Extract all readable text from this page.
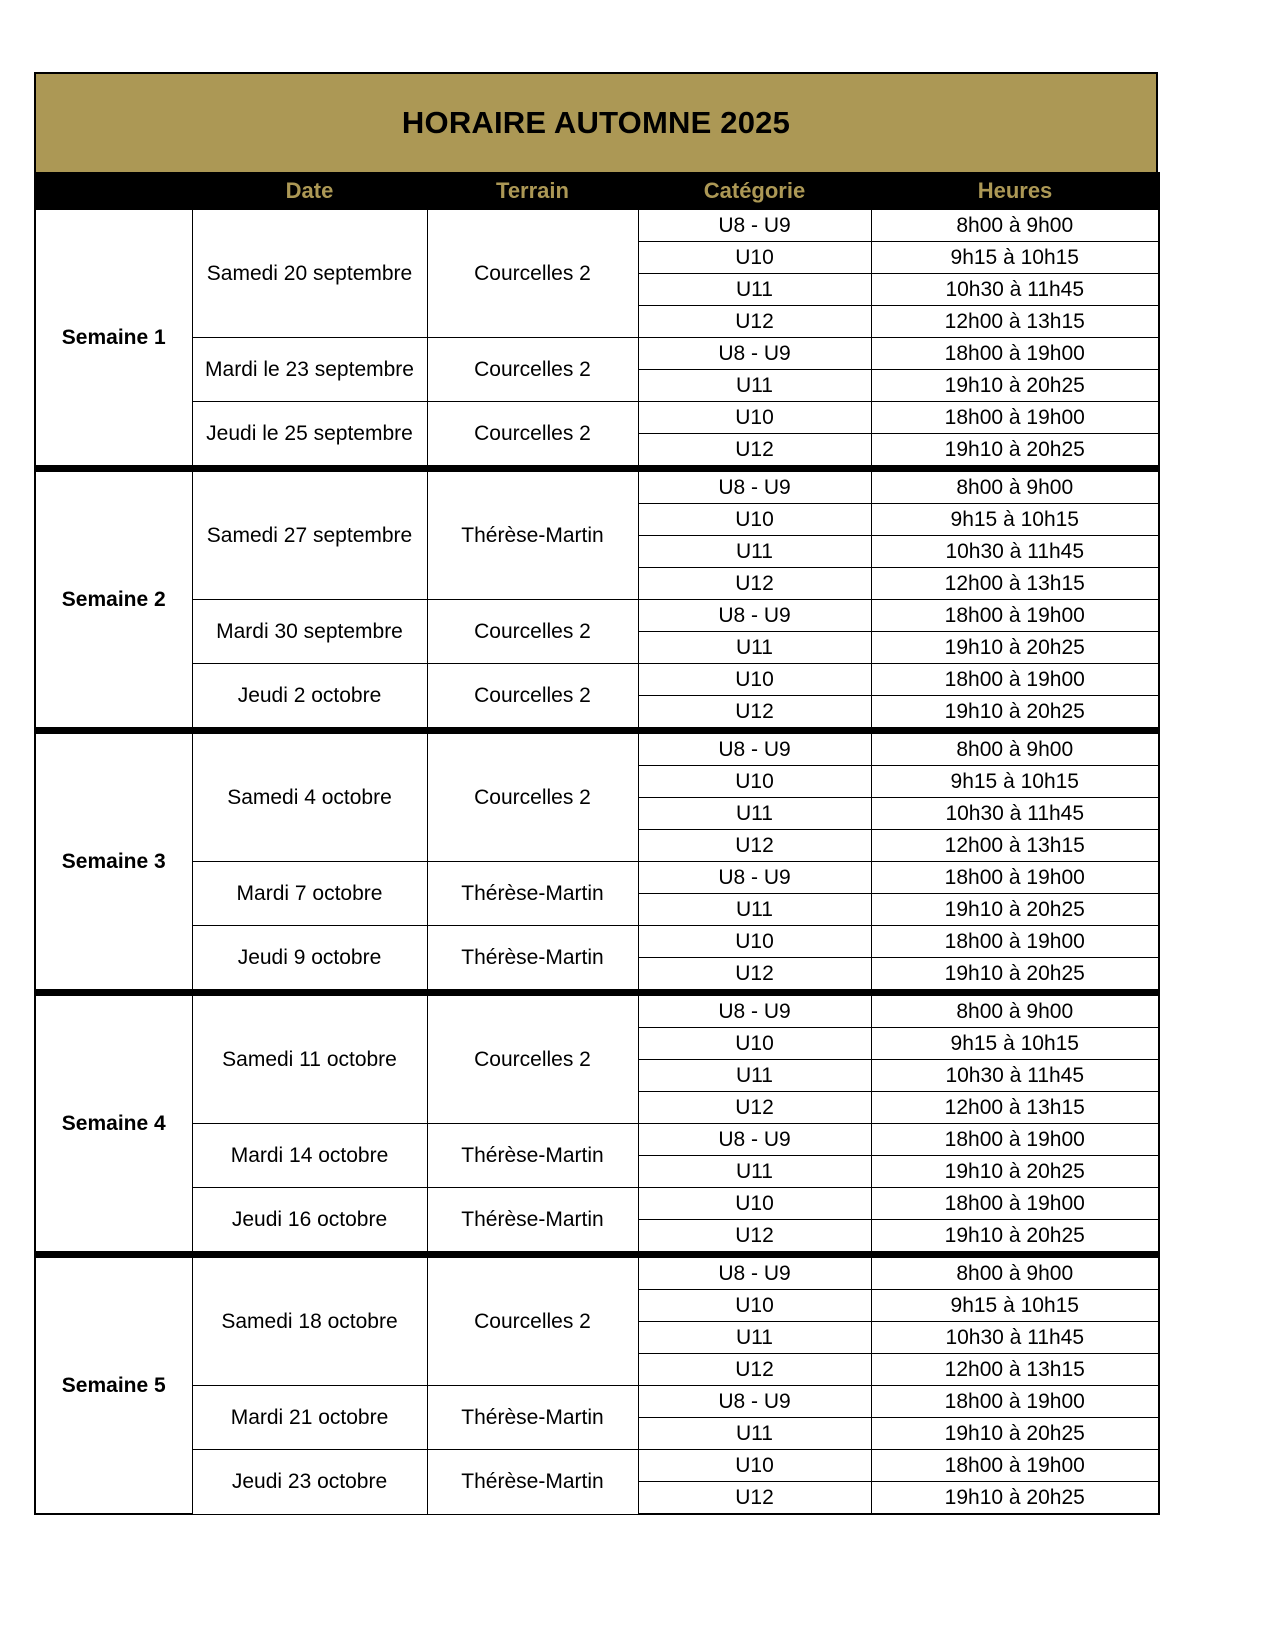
HORAIRE AUTOMNE 2025
	Date	Terrain	Catégorie	Heures
Semaine 1	Samedi 20 septembre	Courcelles 2	U8 - U9	8h00 à 9h00
			U10	9h15 à 10h15
			U11	10h30 à 11h45
			U12	12h00 à 13h15
	Mardi le 23 septembre	Courcelles 2	U8 - U9	18h00 à 19h00
			U11	19h10 à 20h25
	Jeudi le 25 septembre	Courcelles 2	U10	18h00 à 19h00
			U12	19h10 à 20h25
Semaine 2	Samedi 27 septembre	Thérèse-Martin	U8 - U9	8h00 à 9h00
			U10	9h15 à 10h15
			U11	10h30 à 11h45
			U12	12h00 à 13h15
	Mardi 30 septembre	Courcelles 2	U8 - U9	18h00 à 19h00
			U11	19h10 à 20h25
	Jeudi 2 octobre	Courcelles 2	U10	18h00 à 19h00
			U12	19h10 à 20h25
Semaine 3	Samedi 4 octobre	Courcelles 2	U8 - U9	8h00 à 9h00
			U10	9h15 à 10h15
			U11	10h30 à 11h45
			U12	12h00 à 13h15
	Mardi 7 octobre	Thérèse-Martin	U8 - U9	18h00 à 19h00
			U11	19h10 à 20h25
	Jeudi 9 octobre	Thérèse-Martin	U10	18h00 à 19h00
			U12	19h10 à 20h25
Semaine 4	Samedi 11 octobre	Courcelles 2	U8 - U9	8h00 à 9h00
			U10	9h15 à 10h15
			U11	10h30 à 11h45
			U12	12h00 à 13h15
	Mardi 14 octobre	Thérèse-Martin	U8 - U9	18h00 à 19h00
			U11	19h10 à 20h25
	Jeudi 16 octobre	Thérèse-Martin	U10	18h00 à 19h00
			U12	19h10 à 20h25
Semaine 5	Samedi 18 octobre	Courcelles 2	U8 - U9	8h00 à 9h00
			U10	9h15 à 10h15
			U11	10h30 à 11h45
			U12	12h00 à 13h15
	Mardi 21 octobre	Thérèse-Martin	U8 - U9	18h00 à 19h00
			U11	19h10 à 20h25
	Jeudi 23 octobre	Thérèse-Martin	U10	18h00 à 19h00
			U12	19h10 à 20h25
